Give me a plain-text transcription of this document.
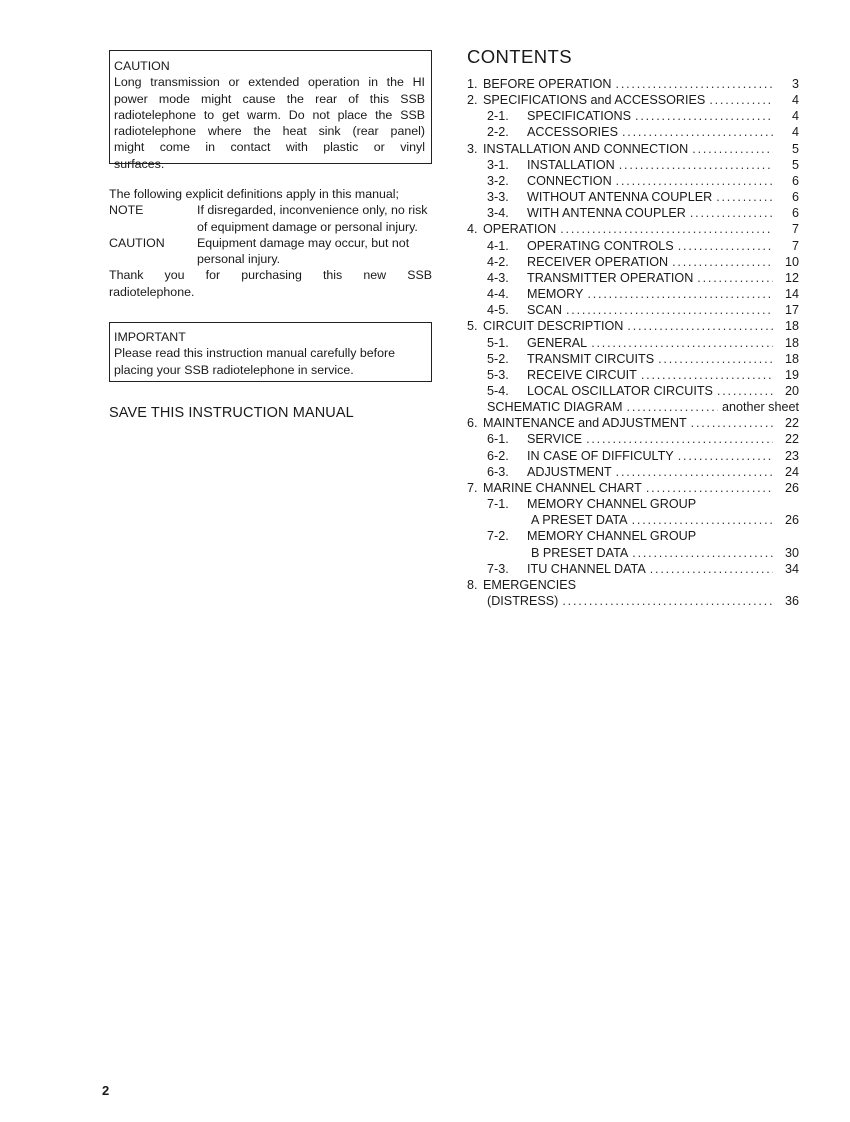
CAUTION
Long transmission or extended operation in the HI
power mode might cause the rear of this SSB
radiotelephone to get warm. Do not place the SSB
radiotelephone where the heat sink (rear panel)
might come in contact with plastic or vinyl
surfaces.
The following explicit definitions apply in this manual;
NOTE	If disregarded, inconvenience only, no risk of equipment damage or personal injury.
CAUTION	Equipment damage may occur, but not personal injury.
Thank you for purchasing this new SSB
radiotelephone.
IMPORTANT
Please read this instruction manual carefully before
placing your SSB radiotelephone in service.
SAVE THIS INSTRUCTION MANUAL
CONTENTS
1. BEFORE OPERATION .....	3
2. SPECIFICATIONS and ACCESSORIES .....	4
2-1.	SPECIFICATIONS .....	4
2-2.	ACCESSORIES .....	4
3. INSTALLATION AND CONNECTION .....	5
3-1.	INSTALLATION .....	5
3-2.	CONNECTION .....	6
3-3.	WITHOUT ANTENNA COUPLER .....	6
3-4.	WITH ANTENNA COUPLER .....	6
4. OPERATION .....	7
4-1.	OPERATING CONTROLS .....	7
4-2.	RECEIVER OPERATION .....	10
4-3.	TRANSMITTER OPERATION .....	12
4-4.	MEMORY .....	14
4-5.	SCAN .....	17
5. CIRCUIT DESCRIPTION .....	18
5-1.	GENERAL .....	18
5-2.	TRANSMIT CIRCUITS .....	18
5-3.	RECEIVE CIRCUIT .....	19
5-4.	LOCAL OSCILLATOR CIRCUITS .....	20
SCHEMATIC DIAGRAM .....	another sheet
6. MAINTENANCE and ADJUSTMENT .....	22
6-1.	SERVICE .....	22
6-2.	IN CASE OF DIFFICULTY .....	23
6-3.	ADJUSTMENT .....	24
7. MARINE CHANNEL CHART .....	26
7-1.	MEMORY CHANNEL GROUP
A PRESET DATA .....	26
7-2.	MEMORY CHANNEL GROUP
B PRESET DATA .....	30
7-3.	ITU CHANNEL DATA .....	34
8. EMERGENCIES
(DISTRESS) .....	36
2
